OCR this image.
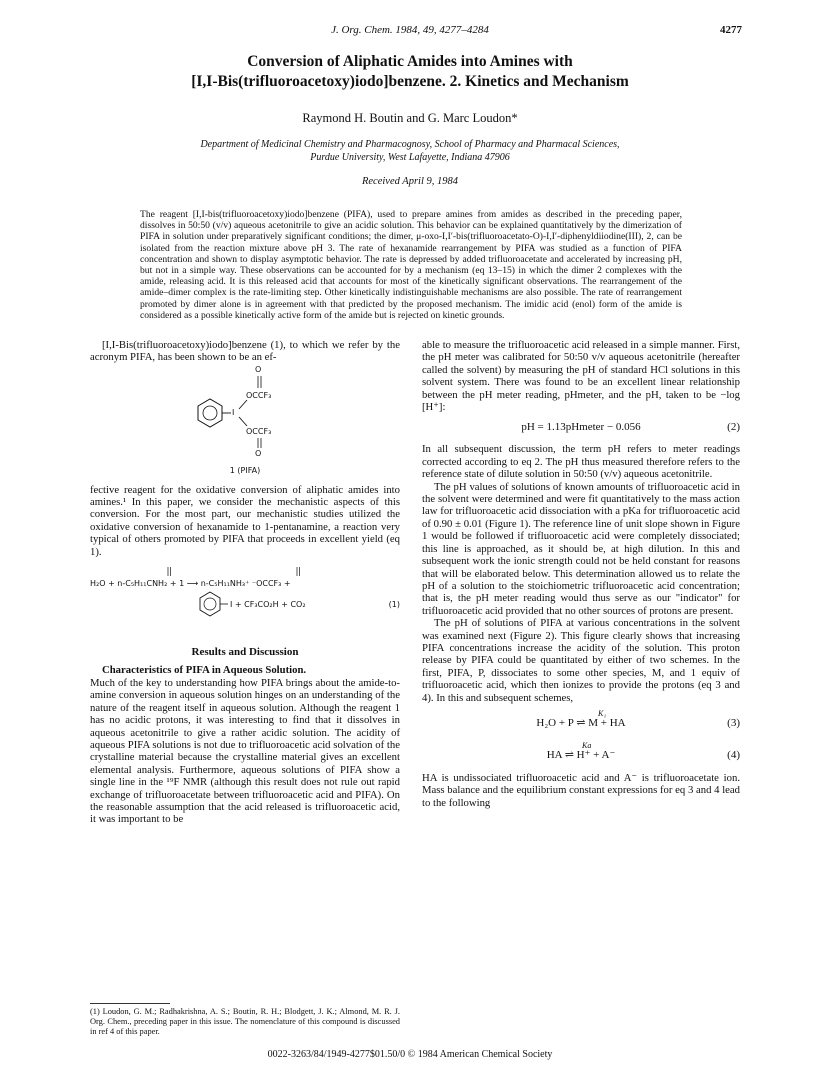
J. Org. Chem. 1984, 49, 4277–4284	4277
Conversion of Aliphatic Amides into Amines with
[I,I-Bis(trifluoroacetoxy)iodo]benzene. 2. Kinetics and Mechanism
Raymond H. Boutin and G. Marc Loudon*
Department of Medicinal Chemistry and Pharmacognosy, School of Pharmacy and Pharmacal Sciences,
Purdue University, West Lafayette, Indiana 47906
Received April 9, 1984
The reagent [I,I-bis(trifluoroacetoxy)iodo]benzene (PIFA), used to prepare amines from amides as described in the preceding paper, dissolves in 50:50 (v/v) aqueous acetonitrile to give an acidic solution. This behavior can be explained quantitatively by the dimerization of PIFA in solution under preparatively significant conditions; the dimer, μ-oxo-I,I′-bis(trifluoroacetato-O)-I,I′-diphenyldiiodine(III), 2, can be isolated from the reaction mixture above pH 3. The rate of hexanamide rearrangement by PIFA was studied as a function of PIFA concentration and shown to display asymptotic behavior. The rate is depressed by added trifluoroacetate and accelerated by increasing pH, but not in a simple way. These observations can be accounted for by a mechanism (eq 13–15) in which the dimer 2 complexes with the amide, releasing acid. It is this released acid that accounts for most of the kinetically significant observations. The rearrangement of the amide–dimer complex is the rate-limiting step. Other kinetically indistinguishable mechanisms are also possible. The rate of rearrangement promoted by dimer alone is in agreement with that predicted by the proposed mechanism. The imidic acid (enol) form of the amide is considered as a possible kinetically active form of the amide but is rejected on kinetic grounds.

[I,I-Bis(trifluoroacetoxy)iodo]benzene (1), to which we refer by the acronym PIFA, has been shown to be an ef-

O
OCCF₃
I
OCCF₃
O
1 (PIFA)

fective reagent for the oxidative conversion of aliphatic amides into amines.¹ In this paper, we consider the mechanistic aspects of this conversion. For the most part, our mechanistic studies utilized the oxidative conversion of hexanamide to 1-pentanamine, a reaction very typical of others promoted by PIFA that proceeds in excellent yield (eq 1).

H₂O + n-C₅H₁₁CNH₂ + 1 ⟶ n-C₅H₁₁NH₃⁺ ⁻OCCF₃ +
I + CF₃CO₂H + CO₂	(1)
Results and Discussion

Characteristics of PIFA in Aqueous Solution.

Much of the key to understanding how PIFA brings about the amide-to-amine conversion in aqueous solution hinges on an understanding of the nature of the reagent itself in aqueous solution. Although the reagent 1 has no acidic protons, it was interesting to find that it dissolves in aqueous acetonitrile to give a rather acidic solution. The acidity of aqueous PIFA solutions is not due to trifluoroacetic acid solvation of the crystalline material because the crystalline material gives an excellent elemental analysis. Furthermore, aqueous solutions of PIFA show a single line in the ¹⁹F NMR (although this result does not rule out rapid exchange of trifluoroacetate between trifluoroacetic acid and PIFA). On the reasonable assumption that the acid released is trifluoroacetic acid, it was important to be

(1) Loudon, G. M.; Radhakrishna, A. S.; Boutin, R. H.; Blodgett, J. K.; Almond, M. R. J. Org. Chem., preceding paper in this issue. The nomenclature of this compound is discussed in ref 4 of this paper.

able to measure the trifluoroacetic acid released in a simple manner. First, the pH meter was calibrated for 50:50 v/v aqueous acetonitrile (hereafter called the solvent) by measuring the pH of standard HCl solutions in this solvent system. There was found to be an excellent linear relationship between the pH meter reading, pHmeter, and the pH, taken to be −log [H⁺]:

pH = 1.13pHmeter − 0.056	(2)

In all subsequent discussion, the term pH refers to meter readings corrected according to eq 2. The pH thus measured therefore refers to the reference state of dilute solution in 50:50 (v/v) aqueous acetonitrile.

The pH values of solutions of known amounts of trifluoroacetic acid in the solvent were determined and were fit quantitatively to the mass action law for trifluoroacetic acid dissociation with a pKa for trifluoroacetic acid of 0.90 ± 0.01 (Figure 1). The reference line of unit slope shown in Figure 1 would be followed if trifluoroacetic acid were completely dissociated; this line is approached, as it should be, at high dilution. In this and subsequent work the ionic strength could not be held constant for reasons that will be elaborated below. This determination allowed us to relate the pH of a solution to the stoichiometric trifluoroacetic acid concentration; that is, the pH meter reading would thus serve as our "indicator" for trifluoroacetic acid provided that no other sources of protons are present.

The pH of solutions of PIFA at various concentrations in the solvent was examined next (Figure 2). This figure clearly shows that increasing PIFA concentrations increase the acidity of the solution. This proton release by PIFA could be quantitated by either of two schemes. In the first, PIFA, P, dissociates to some other species, M, and 1 equiv of trifluoroacetic acid, which then ionizes to provide the protons (eq 3 and 4). In this and subsequent schemes,

K₁
H₂O + P ⇌ M + HA	(3)
Ka
HA ⇌ H⁺ + A⁻	(4)

HA is undissociated trifluoroacetic acid and A⁻ is trifluoroacetate ion. Mass balance and the equilibrium constant expressions for eq 3 and 4 lead to the following

0022-3263/84/1949-4277$01.50/0 © 1984 American Chemical Society
